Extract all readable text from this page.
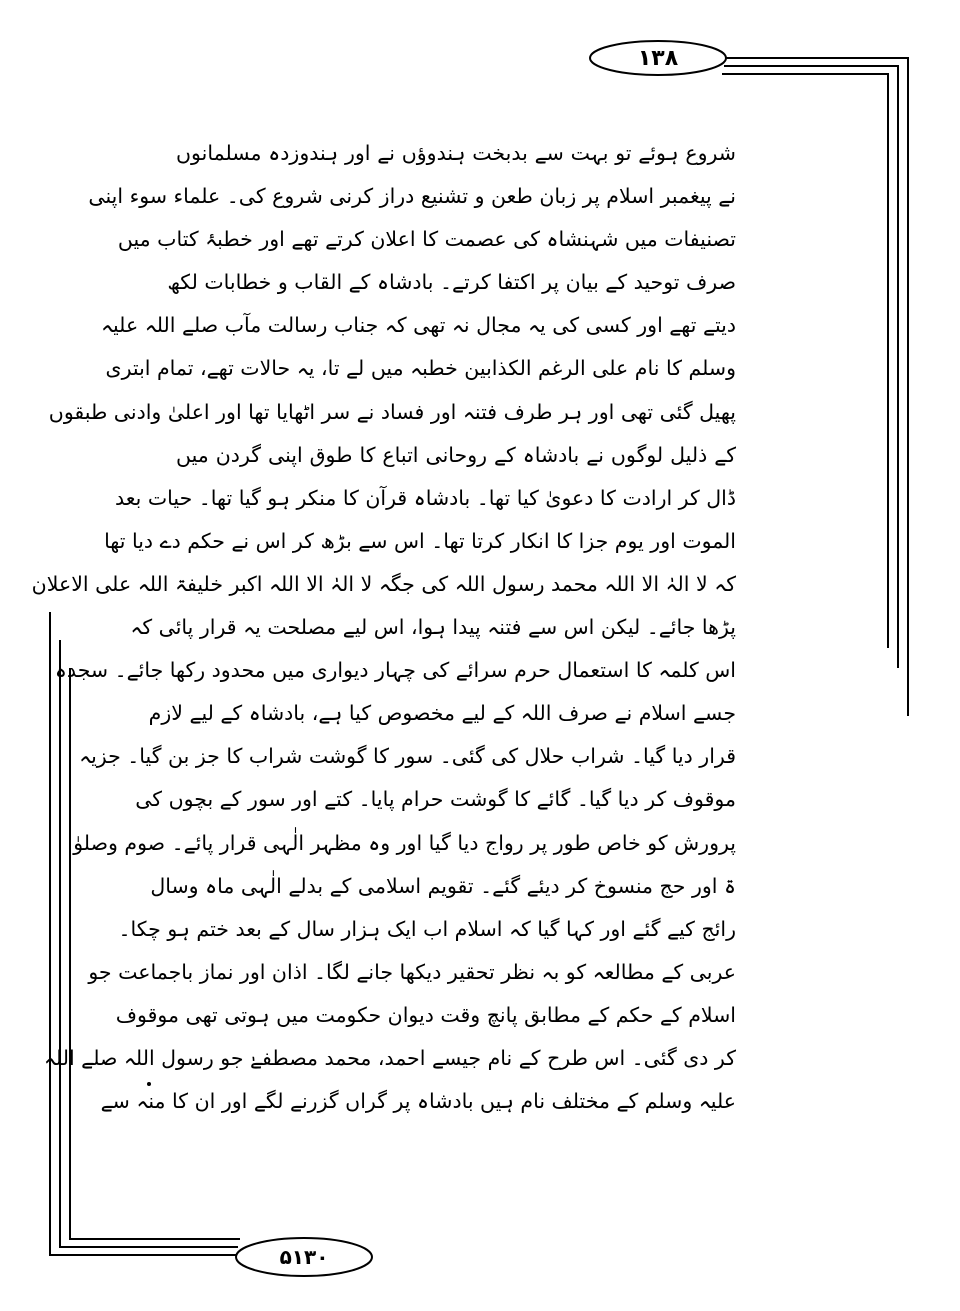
۱۳۸
شروع ہوئے تو بہت سے بدبخت ہندوؤں نے اور ہندوزدہ مسلمانوں
نے پیغمبر اسلام پر زبان طعن و تشنیع دراز کرنی شروع کی۔ علماء سوء اپنی
تصنیفات میں شہنشاہ کی عصمت کا اعلان کرتے تھے اور خطبۂ کتاب میں
صرف توحید کے بیان پر اکتفا کرتے۔ بادشاہ کے القاب و خطابات لکھ
دیتے تھے اور کسی کی یہ مجال نہ تھی کہ جناب رسالت مآب صلے اللہ علیہ
وسلم کا نام علی الرغم الکذابین خطبہ میں لے تا، یہ حالات تھے، تمام ابتری
پھیل گئی تھی اور ہر طرف فتنہ اور فساد نے سر اٹھایا تھا اور اعلیٰ وادنی طبقوں
کے ذلیل لوگوں نے بادشاہ کے روحانی اتباع کا طوق اپنی گردن میں
ڈال کر ارادت کا دعویٰ کیا تھا۔ بادشاہ قرآن کا منکر ہو گیا تھا۔ حیات بعد
الموت اور یوم جزا کا انکار کرتا تھا۔ اس سے بڑھ کر اس نے حکم دے دیا تھا
کہ لا الہٰ الا اللہ محمد رسول اللہ کی جگہ لا الہٰ الا اللہ اکبر خلیفۃ اللہ علی الاعلان
پڑھا جائے۔ لیکن اس سے فتنہ پیدا ہوا، اس لیے مصلحت یہ قرار پائی کہ
اس کلمہ کا استعمال حرم سرائے کی چہار دیواری میں محدود رکھا جائے۔ سجدہ
جسے اسلام نے صرف اللہ کے لیے مخصوص کیا ہے، بادشاہ کے لیے لازم
قرار دیا گیا۔ شراب حلال کی گئی۔ سور کا گوشت شراب کا جز بن گیا۔ جزیہ
موقوف کر دیا گیا۔ گائے کا گوشت حرام پایا۔ کتے اور سور کے بچوں کی
پرورش کو خاص طور پر رواج دیا گیا اور وہ مظہر الٰہی قرار پائے۔ صوم وصلوٰ
ۃ اور حج منسوخ کر دیئے گئے۔ تقویم اسلامی کے بدلے الٰہی ماہ وسال
رائج کیے گئے اور کہا گیا کہ اسلام اب ایک ہزار سال کے بعد ختم ہو چکا۔
عربی کے مطالعہ کو بہ نظر تحقیر دیکھا جانے لگا۔ اذان اور نماز باجماعت جو
اسلام کے حکم کے مطابق پانچ وقت دیوان حکومت میں ہوتی تھی موقوف
کر دی گئی۔ اس طرح کے نام جیسے احمد، محمد مصطفےٰ جو رسول اللہ صلے اللہ
علیہ وسلم کے مختلف نام ہیں بادشاہ پر گراں گزرنے لگے اور ان کا منہ سے
۵۱۳۰
